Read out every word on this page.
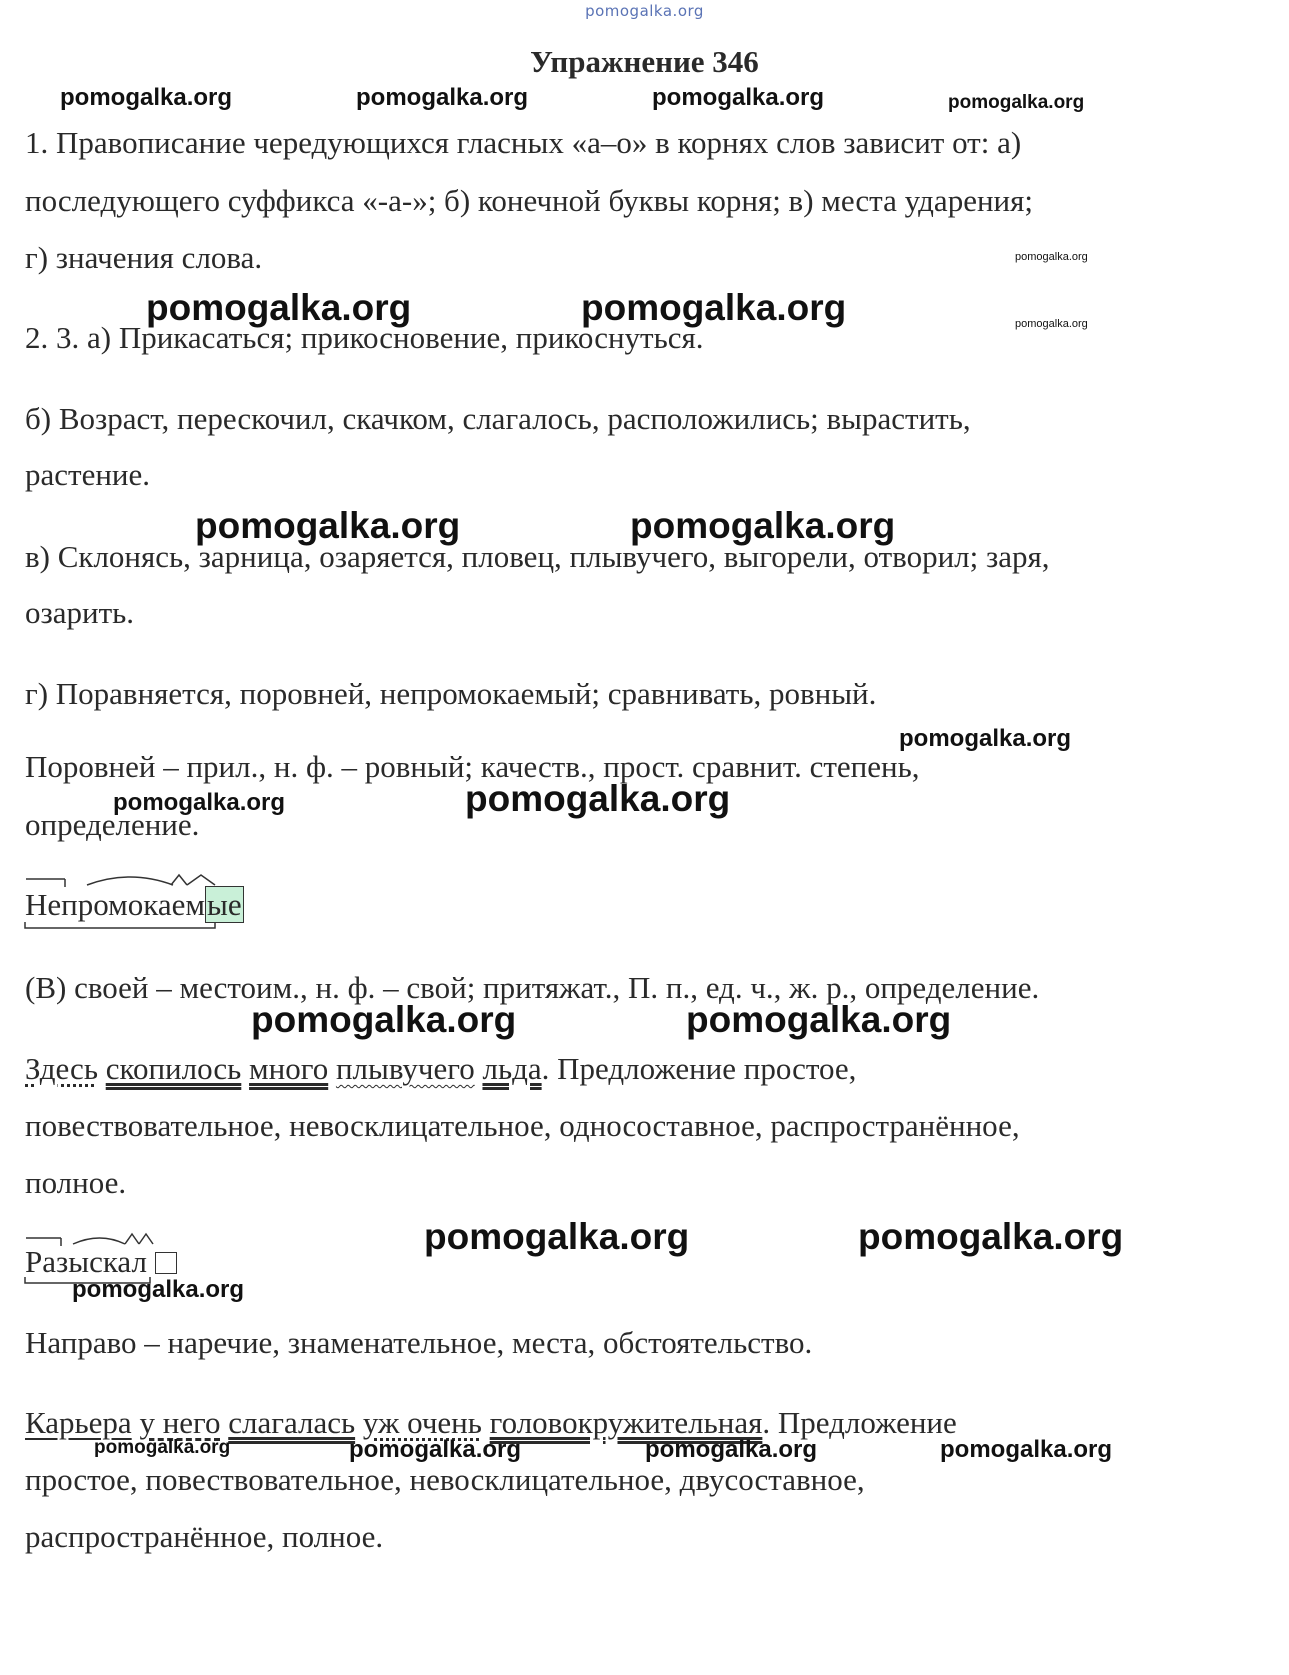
pomogalka.org
Упражнение 346
1. Правописание чередующихся гласных «а–о» в корнях слов зависит от: а)
последующего суффикса «-а-»; б) конечной буквы корня; в) места ударения;
г) значения слова.
2. 3. а) Прикасаться; прикосновение, прикоснуться.
б) Возраст, перескочил, скачком, слагалось, расположились; вырастить,
растение.
в) Склонясь, зарница, озаряется, пловец, плывучего, выгорели, отворил; заря,
озарить.
г) Поравняется, поровней, непромокаемый; сравнивать, ровный.
Поровней – прил., н. ф. – ровный; качеств., прост. сравнит. степень,
определение.
Непромокаем
ые
(В) своей – местоим., н. ф. – свой; притяжат., П. п., ед. ч., ж. р., определение.
Здесь скопилось много плывучего льда. Предложение простое,
повествовательное, невосклицательное, односоставное, распространённое,
полное.
Разыскал
Направо – наречие, знаменательное, места, обстоятельство.
Карьера у него слагалась уж очень головокружительная. Предложение
простое, повествовательное, невосклицательное, двусоставное,
распространённое, полное.
pomogalka.org	pomogalka.org	pomogalka.org	pomogalka.org
pomogalka.org
pomogalka.org
pomogalka.org	pomogalka.org
pomogalka.org	pomogalka.org
pomogalka.org
pomogalka.org	pomogalka.org
pomogalka.org	pomogalka.org
pomogalka.org	pomogalka.org
pomogalka.org
pomogalka.org	pomogalka.org	pomogalka.org	pomogalka.org
